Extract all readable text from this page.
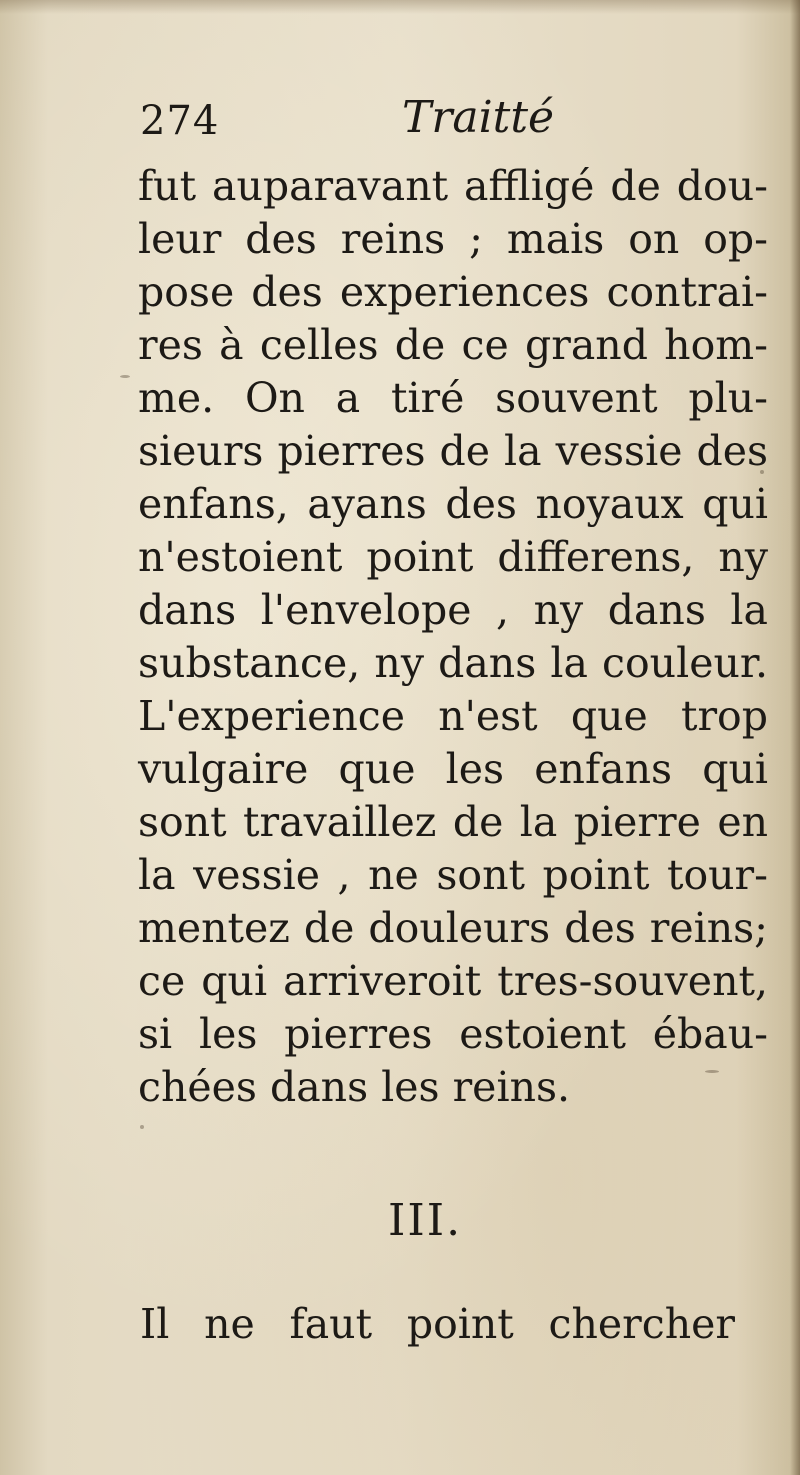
274	Traitté
fut auparavant affligé de dou-
leur des reins ; mais on op-
pose des experiences contrai-
res à celles de ce grand hom-
me. On a tiré souvent plu-
sieurs pierres de la vessie des
enfans, ayans des noyaux qui
n'estoient point differens, ny
dans l'envelope , ny dans la
substance, ny dans la couleur.
L'experience n'est que trop
vulgaire que les enfans qui
sont travaillez de la pierre en
la vessie , ne sont point tour-
mentez de douleurs des reins;
ce qui arriveroit tres-souvent,
si les pierres estoient ébau-
chées dans les reins.
III.
Il ne faut point chercher
